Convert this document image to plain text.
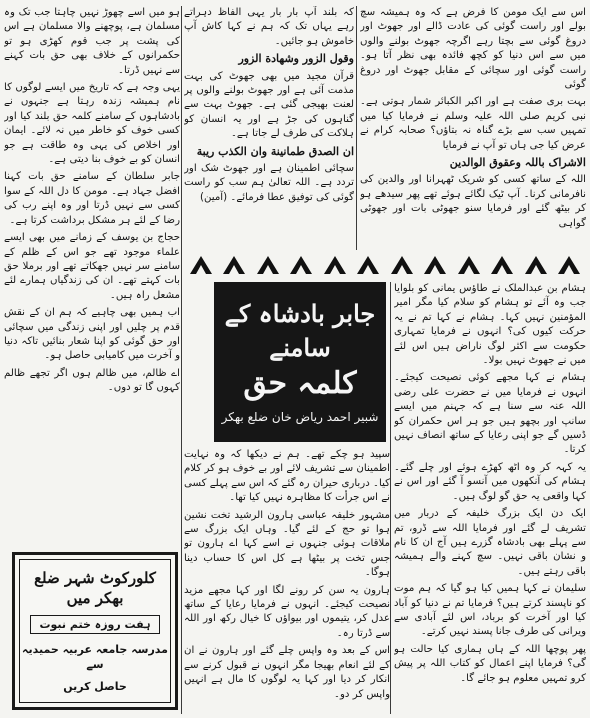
اس سے ایک مومن کا فرض ہے کہ وہ ہمیشہ سچ بولے اور راست گوئی کی عادت ڈالے اور جھوٹ اور دروغ گوئی سے بچتا رہے اگرچہ جھوٹ بولنے والوں میں سے اس دنیا کو کچھ فائدہ بھی نظر آتا ہو۔ راست گوئی اور سچائی کے مقابل جھوٹ اور دروغ گوئی

بہت بری صفت ہے اور اکبر الکبائر شمار ہوتی ہے۔ نبی کریم صلی اللہ علیہ وسلم نے فرمایا کیا میں تمہیں سب سے بڑے گناہ نہ بتاؤں؟ صحابہ کرام نے عرض کیا جی ہاں تو آپ نے فرمایا

الاشراک باللہ وعقوق الوالدین

اللہ کے ساتھ کسی کو شریک ٹھہرانا اور والدین کی نافرمانی کرنا۔ آپ ٹیک لگائے ہوئے تھے پھر سیدھے ہو کر بیٹھ گئے اور فرمایا سنو جھوٹی بات اور جھوٹی گواہی

کہ بلند آپ بار بار یہی الفاظ دہراتے رہے یہاں تک کہ ہم نے کہا کاش آپ خاموش ہو جائیں۔

وقول الزور وشهادة الزور

قرآن مجید میں بھی جھوٹ کی بہت مذمت آئی ہے اور جھوٹ بولنے والوں پر لعنت بھیجی گئی ہے۔ جھوٹ بہت سے گناہوں کی جڑ ہے اور یہ انسان کو ہلاکت کی طرف لے جاتا ہے۔

ان الصدق طمانينة وان الكذب ريبة

سچائی اطمینان ہے اور جھوٹ شک اور تردد ہے۔ اللہ تعالیٰ ہم سب کو راست گوئی کی توفیق عطا فرمائے۔ (آمین)

ہو میں اسے چھوڑ نہیں چاہتا جب تک وہ مسلمان ہے، پوچھنے والا مسلمان ہے اس کی پشت پر جب قوم کھڑی ہو تو حکمرانوں کے خلاف بھی حق بات کہنے سے نہیں ڈرتا۔

یہی وجہ ہے کہ تاریخ میں ایسے لوگوں کا نام ہمیشہ زندہ رہتا ہے جنہوں نے بادشاہوں کے سامنے کلمہ حق بلند کیا اور کسی خوف کو خاطر میں نہ لائے۔ ایمان اور اخلاص کی یہی وہ طاقت ہے جو انسان کو بے خوف بنا دیتی ہے۔

جابر سلطان کے سامنے حق بات کہنا افضل جہاد ہے۔ مومن کا دل اللہ کے سوا کسی سے نہیں ڈرتا اور وہ اپنے رب کی رضا کے لئے ہر مشکل برداشت کرتا ہے۔

حجاج بن یوسف کے زمانے میں بھی ایسے علماء موجود تھے جو اس کے ظلم کے سامنے سر نہیں جھکاتے تھے اور برملا حق بات کہتے تھے۔ ان کی زندگیاں ہمارے لئے مشعل راہ ہیں۔

اب ہمیں بھی چاہیے کہ ہم ان کے نقش قدم پر چلیں اور اپنی زندگی میں سچائی اور حق گوئی کو اپنا شعار بنائیں تاکہ دنیا و آخرت میں کامیابی حاصل ہو۔

اے ظالم، میں ظالم ہوں اگر تجھے ظالم کہوں گا تو دوں۔

جابر بادشاہ کے سامنے
کلمہ حق
شبیر احمد ریاض خان ضلع بھکر

ہشام بن عبدالملک نے طاؤس یمانی کو بلوایا جب وہ آئے تو ہشام کو سلام کیا مگر امیر المؤمنین نہیں کہا۔ ہشام نے کہا تم نے یہ حرکت کیوں کی؟ انہوں نے فرمایا تمہاری حکومت سے اکثر لوگ ناراض ہیں اس لئے میں نے جھوٹ نہیں بولا۔

ہشام نے کہا مجھے کوئی نصیحت کیجئے۔ انہوں نے فرمایا میں نے حضرت علی رضی اللہ عنہ سے سنا ہے کہ جہنم میں ایسے سانپ اور بچھو ہیں جو ہر اس حکمران کو ڈسیں گے جو اپنی رعایا کے ساتھ انصاف نہیں کرتا۔

یہ کہہ کر وہ اٹھ کھڑے ہوئے اور چلے گئے۔ ہشام کی آنکھوں میں آنسو آ گئے اور اس نے کہا واقعی یہ حق گو لوگ ہیں۔

ایک دن ایک بزرگ خلیفہ کے دربار میں تشریف لے گئے اور فرمایا اللہ سے ڈرو، تم سے پہلے بھی بادشاہ گزرے ہیں آج ان کا نام و نشان باقی نہیں۔ سچ کہنے والے ہمیشہ باقی رہتے ہیں۔

سلیمان نے کہا ہمیں کیا ہو گیا کہ ہم موت کو ناپسند کرتے ہیں؟ فرمایا تم نے دنیا کو آباد کیا اور آخرت کو برباد، اس لئے آبادی سے ویرانی کی طرف جانا پسند نہیں کرتے۔

پھر پوچھا اللہ کے ہاں ہماری کیا حالت ہو گی؟ فرمایا اپنے اعمال کو کتاب اللہ پر پیش کرو تمہیں معلوم ہو جائے گا۔

سپید ہو چکے تھے۔ ہم نے دیکھا کہ وہ نہایت اطمینان سے تشریف لائے اور بے خوف ہو کر کلام کیا۔ درباری حیران رہ گئے کہ اس سے پہلے کسی نے اس جرأت کا مظاہرہ نہیں کیا تھا۔

مشہور خلیفہ عباسی ہارون الرشید تخت نشین ہوا تو حج کے لئے گیا۔ وہاں ایک بزرگ سے ملاقات ہوئی جنہوں نے اسے کہا اے ہارون تو جس تخت پر بیٹھا ہے کل اس کا حساب دینا ہوگا۔

ہارون یہ سن کر رونے لگا اور کہا مجھے مزید نصیحت کیجئے۔ انہوں نے فرمایا رعایا کے ساتھ عدل کر، یتیموں اور بیواؤں کا خیال رکھ اور اللہ سے ڈرتا رہ۔

اس کے بعد وہ واپس چلے گئے اور ہارون نے ان کے لئے انعام بھیجا مگر انہوں نے قبول کرنے سے انکار کر دیا اور کہا یہ لوگوں کا مال ہے انہیں واپس کر دو۔

کلورکوٹ شہر ضلع بھکر میں
ہفت روزہ ختم نبوت
مدرسہ جامعہ عربیہ حمیدیہ سے
حاصل کریں
